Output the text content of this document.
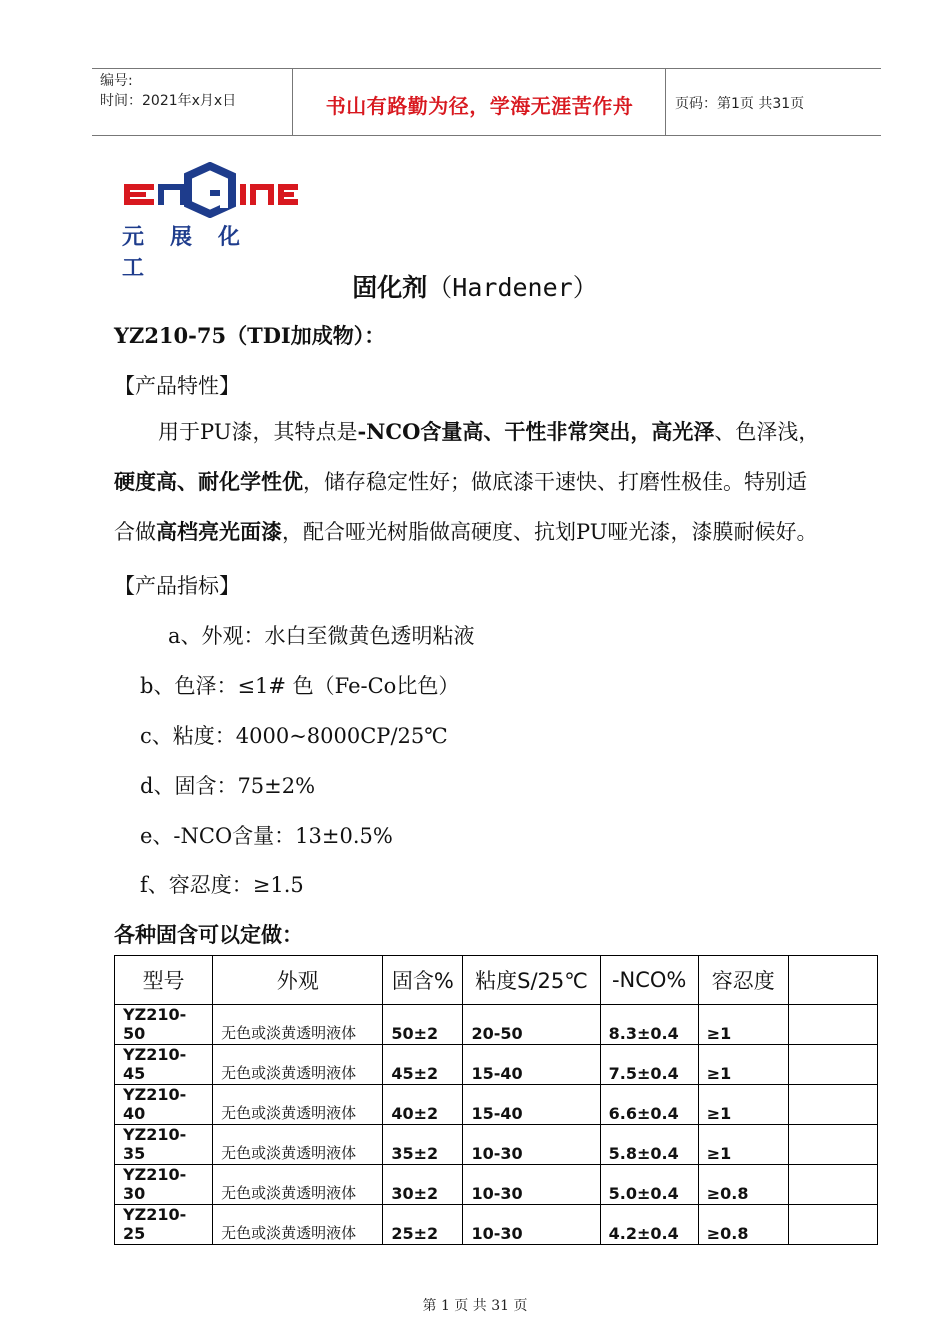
编号:
时间：2021年x月x日	书山有路勤为径，学海无涯苦作舟	页码：第1页 共31页
元展化工
固化剂（Hardener）
YZ210-75（TDI加成物）：
【产品特性】

用于PU漆，其特点是-NCO含量高、干性非常突出，高光泽、色泽浅，

硬度高、耐化学性优，储存稳定性好；做底漆干速快、打磨性极佳。特别适

合做高档亮光面漆，配合哑光树脂做高硬度、抗划PU哑光漆，漆膜耐候好。

【产品指标】
a、外观：水白至微黄色透明粘液
b、色泽：≤1# 色（Fe-Co比色）
c、粘度：4000~8000CP/25℃
d、固含：75±2%
e、-NCO含量：13±0.5%
f、容忍度：≥1.5
各种固含可以定做：
型号	外观	固含%	粘度S/25℃	-NCO%	容忍度	
YZ210-50	无色或淡黄透明液体	50±2	20-50	8.3±0.4	≥1	
YZ210-45	无色或淡黄透明液体	45±2	15-40	7.5±0.4	≥1	
YZ210-40	无色或淡黄透明液体	40±2	15-40	6.6±0.4	≥1	
YZ210-35	无色或淡黄透明液体	35±2	10-30	5.8±0.4	≥1	
YZ210-30	无色或淡黄透明液体	30±2	10-30	5.0±0.4	≥0.8	
YZ210-25	无色或淡黄透明液体	25±2	10-30	4.2±0.4	≥0.8	
第 1 页 共 31 页
